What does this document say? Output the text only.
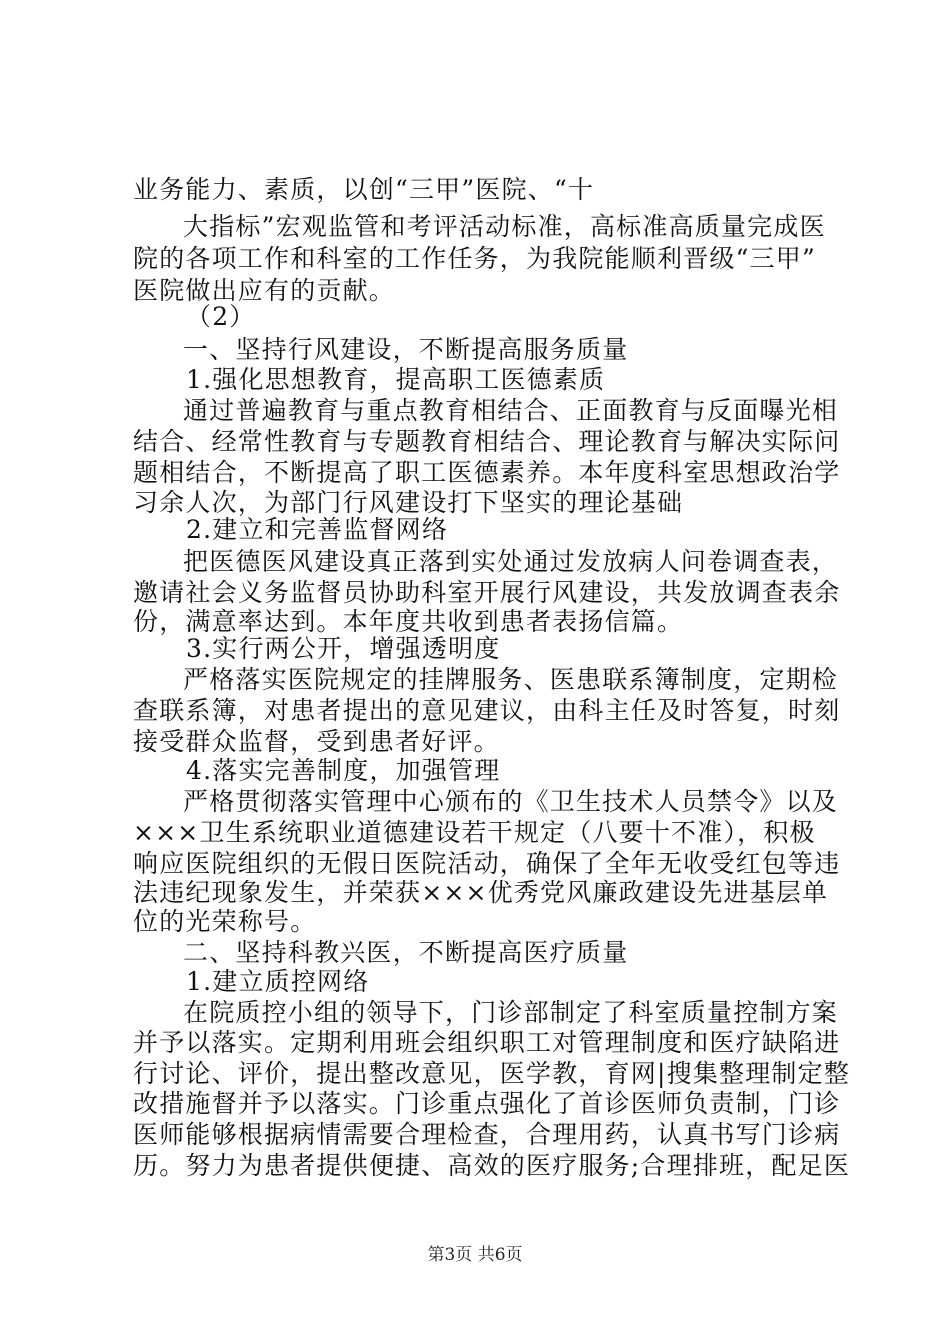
业务能力、素质，以创“三甲”医院、“十
大指标”宏观监管和考评活动标准，高标准高质量完成医
院的各项工作和科室的工作任务，为我院能顺利晋级“三甲”
医院做出应有的贡献。
（2）
一、坚持行风建设，不断提高服务质量
1.强化思想教育，提高职工医德素质
通过普遍教育与重点教育相结合、正面教育与反面曝光相
结合、经常性教育与专题教育相结合、理论教育与解决实际问
题相结合，不断提高了职工医德素养。本年度科室思想政治学
习余人次，为部门行风建设打下坚实的理论基础
2.建立和完善监督网络
把医德医风建设真正落到实处通过发放病人问卷调查表，
邀请社会义务监督员协助科室开展行风建设，共发放调查表余
份，满意率达到。本年度共收到患者表扬信篇。
3.实行两公开，增强透明度
严格落实医院规定的挂牌服务、医患联系簿制度，定期检
查联系簿，对患者提出的意见建议，由科主任及时答复，时刻
接受群众监督，受到患者好评。
4.落实完善制度，加强管理
严格贯彻落实管理中心颁布的《卫生技术人员禁令》以及
×××卫生系统职业道德建设若干规定（八要十不准），积极
响应医院组织的无假日医院活动，确保了全年无收受红包等违
法违纪现象发生，并荣获×××优秀党风廉政建设先进基层单
位的光荣称号。
二、坚持科教兴医，不断提高医疗质量
1.建立质控网络
在院质控小组的领导下，门诊部制定了科室质量控制方案
并予以落实。定期利用班会组织职工对管理制度和医疗缺陷进
行讨论、评价，提出整改意见，医学教，育网|搜集整理制定整
改措施督并予以落实。门诊重点强化了首诊医师负责制，门诊
医师能够根据病情需要合理检查，合理用药，认真书写门诊病
历。努力为患者提供便捷、高效的医疗服务;合理排班，配足医
第3页 共6页
